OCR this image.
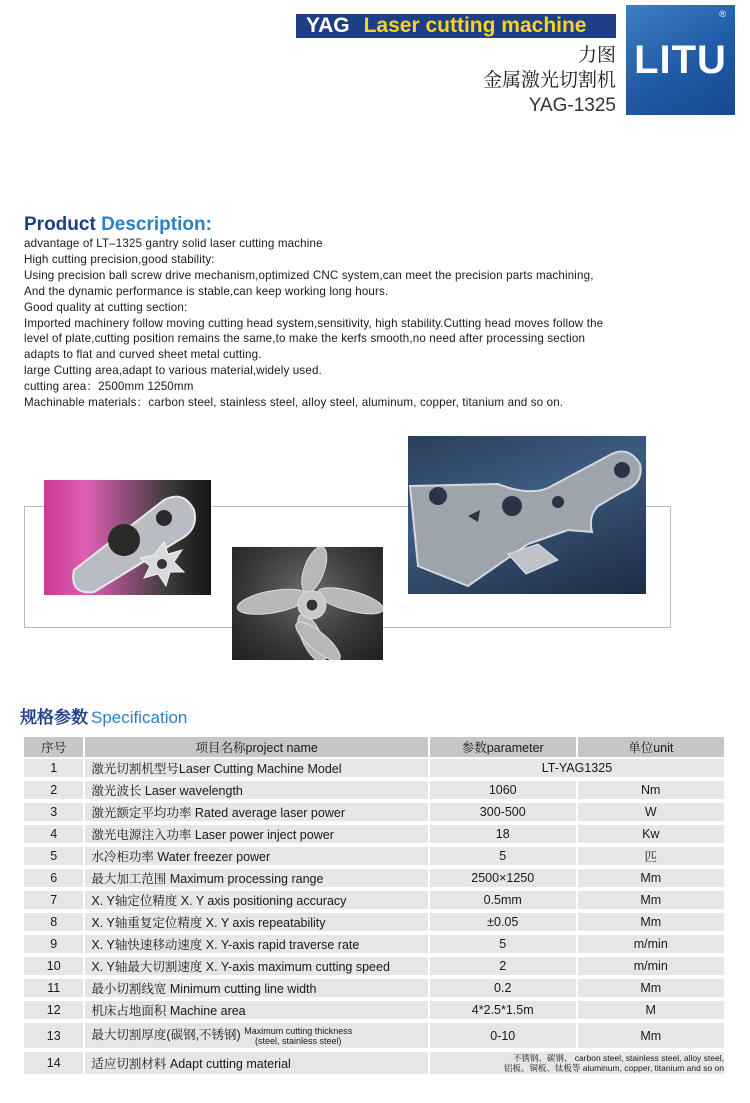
YAG Laser cutting machine
力图
金属激光切割机
YAG-1325
LITU
®
Product Description:
advantage of LT–1325 gantry solid laser cutting machine
High cutting precision,good stability:
Using precision ball screw drive mechanism,optimized CNC system,can meet the precision parts machining,
And the dynamic performance is stable,can keep working long hours.
Good quality at cutting section:
Imported machinery follow moving cutting head system,sensitivity, high stability.Cutting head moves follow the
level of plate,cutting position remains the same,to make the kerfs smooth,no need after processing section
adapts to flat and curved sheet metal cutting.
large Cutting area,adapt to various material,widely used.
cutting area：2500mm 1250mm
Machinable materials：carbon steel, stainless steel, alloy steel, aluminum, copper, titanium and so on.
规格参数 Specification
序号	项目名称project name	参数parameter	单位unit
1	激光切割机型号Laser Cutting Machine Model	LT-YAG1325	
2	激光波长 Laser wavelength	1060	Nm
3	激光额定平均功率 Rated average laser power	300-500	W
4	激光电源注入功率 Laser power inject power	18	Kw
5	水冷柜功率 Water freezer power	5	匹
6	最大加工范围 Maximum processing range	2500×1250	Mm
7	X. Y轴定位精度 X. Y axis positioning accuracy	0.5mm	Mm
8	X. Y轴重复定位精度 X. Y axis repeatability	±0.05	Mm
9	X. Y轴快速移动速度 X. Y-axis rapid traverse rate	5	m/min
10	X. Y轴最大切割速度 X. Y-axis maximum cutting speed	2	m/min
11	最小切割线宽 Minimum cutting line width	0.2	Mm
12	机床占地面积 Machine area	4*2.5*1.5m	M
13	最大切割厚度(碳钢,不锈钢) Maximum cutting thickness
(steel, stainless steel)	0-10	Mm
14	适应切割材料 Adapt cutting material	不锈钢、碳钢、 carbon steel, stainless steel, alloy steel,
铝板、铜板、钛板等 aluminum, copper, titanium and so on	
